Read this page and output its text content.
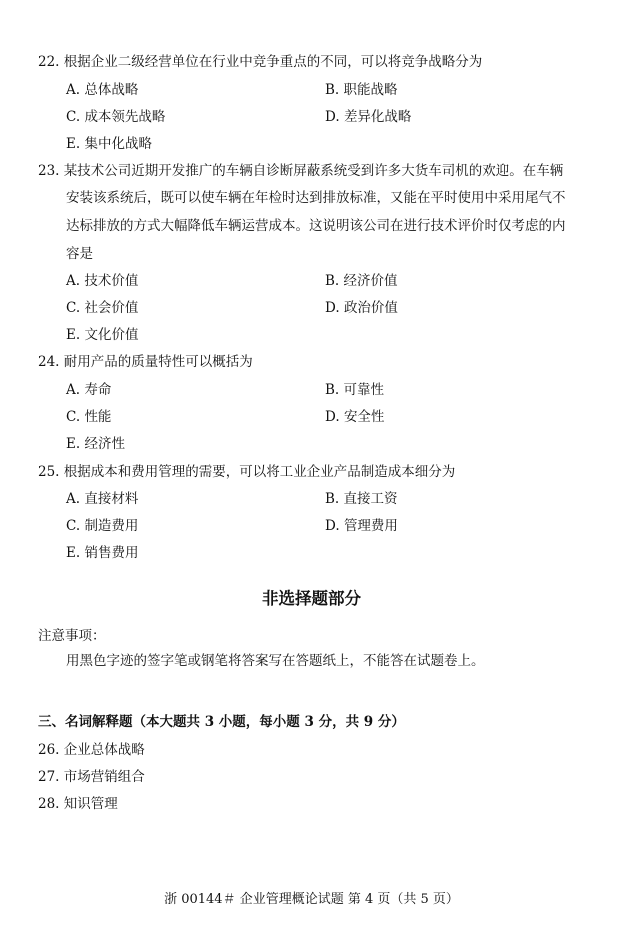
22. 根据企业二级经营单位在行业中竞争重点的不同，可以将竞争战略分为
A. 总体战略	B. 职能战略
C. 成本领先战略	D. 差异化战略
E. 集中化战略
23. 某技术公司近期开发推广的车辆自诊断屏蔽系统受到许多大货车司机的欢迎。在车辆
安装该系统后，既可以使车辆在年检时达到排放标准，又能在平时使用中采用尾气不
达标排放的方式大幅降低车辆运营成本。这说明该公司在进行技术评价时仅考虑的内
容是
A. 技术价值	B. 经济价值
C. 社会价值	D. 政治价值
E. 文化价值
24. 耐用产品的质量特性可以概括为
A. 寿命	B. 可靠性
C. 性能	D. 安全性
E. 经济性
25. 根据成本和费用管理的需要，可以将工业企业产品制造成本细分为
A. 直接材料	B. 直接工资
C. 制造费用	D. 管理费用
E. 销售费用
非选择题部分
注意事项：
用黑色字迹的签字笔或钢笔将答案写在答题纸上，不能答在试题卷上。
三、名词解释题（本大题共 3 小题，每小题 3 分，共 9 分）
26. 企业总体战略
27. 市场营销组合
28. 知识管理
浙 00144＃ 企业管理概论试题 第 4 页（共 5 页）
